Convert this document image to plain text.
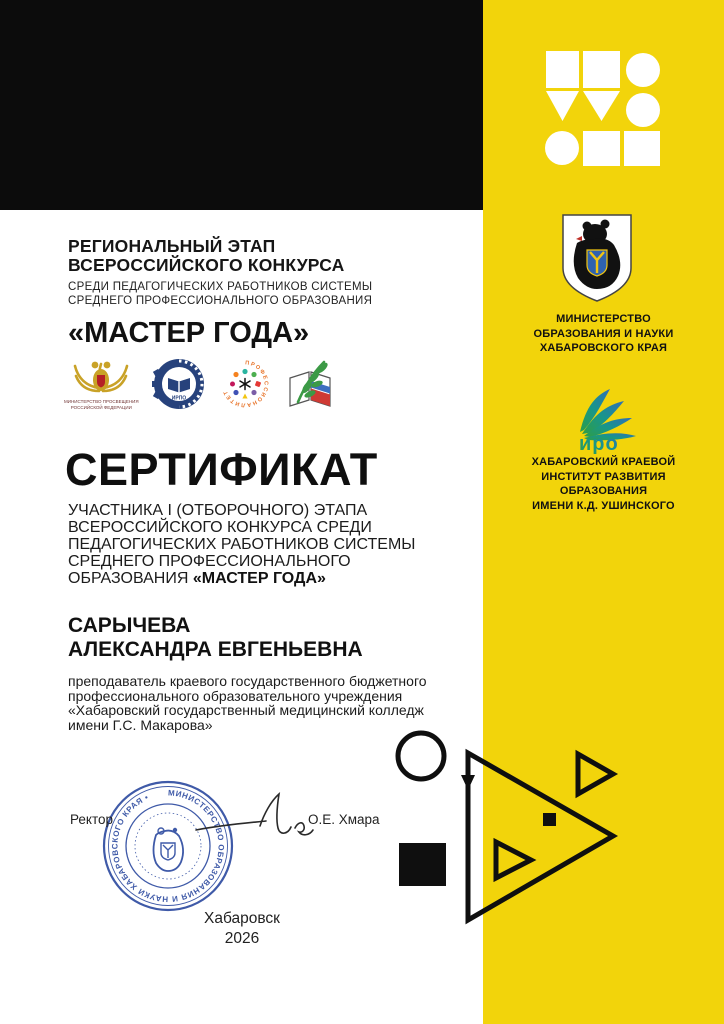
РЕГИОНАЛЬНЫЙ ЭТАП
ВСЕРОССИЙСКОГО КОНКУРСА
СРЕДИ ПЕДАГОГИЧЕСКИХ РАБОТНИКОВ СИСТЕМЫ
СРЕДНЕГО ПРОФЕССИОНАЛЬНОГО ОБРАЗОВАНИЯ
«МАСТЕР ГОДА»
МИНИСТЕРСТВО ПРОСВЕЩЕНИЯ
РОССИЙСКОЙ ФЕДЕРАЦИИ
ИРПО
ПРОФЕССИОНАЛИТЕТ
СЕРТИФИКАТ
УЧАСТНИКА I (ОТБОРОЧНОГО) ЭТАПА
ВСЕРОССИЙСКОГО КОНКУРСА СРЕДИ
ПЕДАГОГИЧЕСКИХ РАБОТНИКОВ СИСТЕМЫ
СРЕДНЕГО ПРОФЕССИОНАЛЬНОГО
ОБРАЗОВАНИЯ «МАСТЕР ГОДА»
САРЫЧЕВА
АЛЕКСАНДРА ЕВГЕНЬЕВНА
преподаватель краевого государственного бюджетного
профессионального образовательного учреждения
«Хабаровский государственный медицинский колледж
имени Г.С. Макарова»
МИНИСТЕРСТВО ОБРАЗОВАНИЯ И НАУКИ ХАБАРОВСКОГО КРАЯ •
Ректор	О.Е. Хмара
Хабаровск
2026
МИНИСТЕРСТВО
ОБРАЗОВАНИЯ И НАУКИ
ХАБАРОВСКОГО КРАЯ
иро
ХАБАРОВСКИЙ КРАЕВОЙ
ИНСТИТУТ РАЗВИТИЯ
ОБРАЗОВАНИЯ
ИМЕНИ К.Д. УШИНСКОГО
